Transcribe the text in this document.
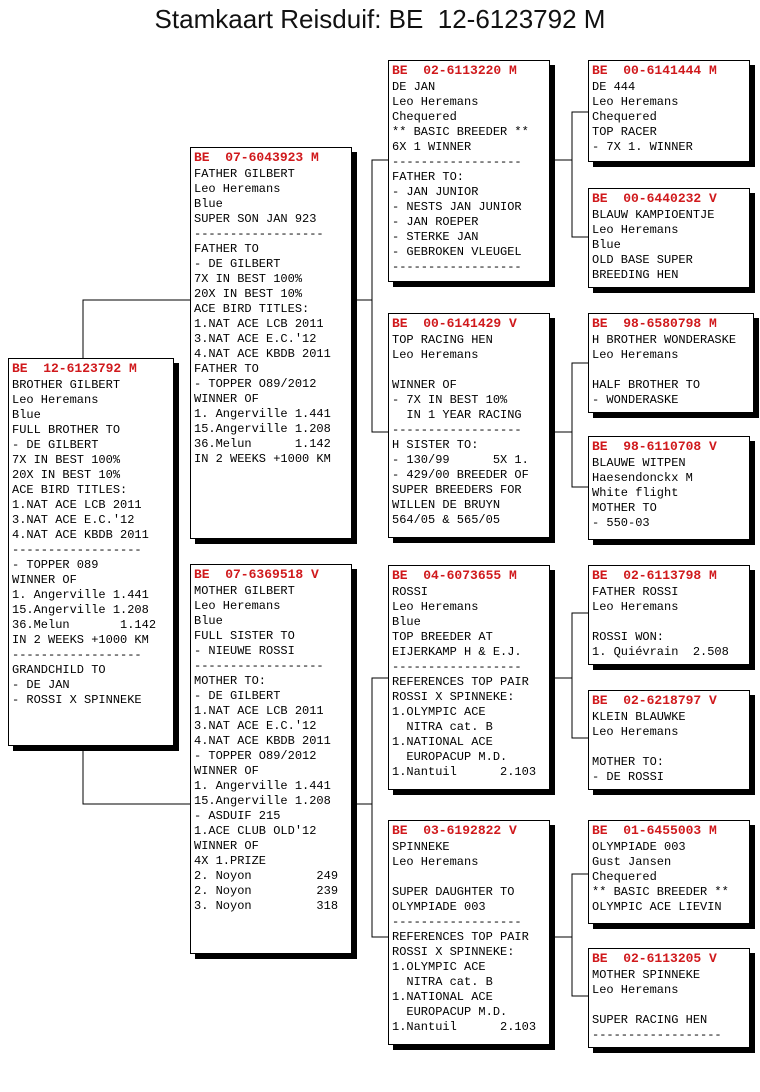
Stamkaart Reisduif: BE  12-6123792 M
BE  12-6123792 M
BROTHER GILBERT
Leo Heremans
Blue
FULL BROTHER TO
- DE GILBERT
7X IN BEST 100%
20X IN BEST 10%
ACE BIRD TITLES:
1.NAT ACE LCB 2011
3.NAT ACE E.C.'12
4.NAT ACE KBDB 2011
------------------
- TOPPER 089
WINNER OF
1. Angerville 1.441
15.Angerville 1.208
36.Melun       1.142
IN 2 WEEKS +1000 KM
------------------
GRANDCHILD TO
- DE JAN
- ROSSI X SPINNEKE
BE  07-6043923 M
FATHER GILBERT
Leo Heremans
Blue
SUPER SON JAN 923
------------------
FATHER TO
- DE GILBERT
7X IN BEST 100%
20X IN BEST 10%
ACE BIRD TITLES:
1.NAT ACE LCB 2011
3.NAT ACE E.C.'12
4.NAT ACE KBDB 2011
FATHER TO
- TOPPER O89/2012
WINNER OF
1. Angerville 1.441
15.Angerville 1.208
36.Melun      1.142
IN 2 WEEKS +1000 KM
BE  07-6369518 V
MOTHER GILBERT
Leo Heremans
Blue
FULL SISTER TO
- NIEUWE ROSSI
------------------
MOTHER TO:
- DE GILBERT
1.NAT ACE LCB 2011
3.NAT ACE E.C.'12
4.NAT ACE KBDB 2011
- TOPPER O89/2012
WINNER OF
1. Angerville 1.441
15.Angerville 1.208
- ASDUIF 215
1.ACE CLUB OLD'12
WINNER OF
4X 1.PRIZE
2. Noyon         249
2. Noyon         239
3. Noyon         318
BE  02-6113220 M
DE JAN
Leo Heremans
Chequered
** BASIC BREEDER **
6X 1 WINNER
------------------
FATHER TO:
- JAN JUNIOR
- NESTS JAN JUNIOR
- JAN ROEPER
- STERKE JAN
- GEBROKEN VLEUGEL
------------------
BE  00-6141429 V
TOP RACING HEN
Leo Heremans
WINNER OF
- 7X IN BEST 10%
IN 1 YEAR RACING
------------------
H SISTER TO:
- 130/99      5X 1.
- 429/00 BREEDER OF
SUPER BREEDERS FOR
WILLEN DE BRUYN
564/05 & 565/05
BE  04-6073655 M
ROSSI
Leo Heremans
Blue
TOP BREEDER AT
EIJERKAMP H & E.J.
------------------
REFERENCES TOP PAIR
ROSSI X SPINNEKE:
1.OLYMPIC ACE
NITRA cat. B
1.NATIONAL ACE
EUROPACUP M.D.
1.Nantuil      2.103
BE  03-6192822 V
SPINNEKE
Leo Heremans
SUPER DAUGHTER TO
OLYMPIADE 003
------------------
REFERENCES TOP PAIR
ROSSI X SPINNEKE:
1.OLYMPIC ACE
NITRA cat. B
1.NATIONAL ACE
EUROPACUP M.D.
1.Nantuil      2.103
BE  00-6141444 M
DE 444
Leo Heremans
Chequered
TOP RACER
- 7X 1. WINNER
BE  00-6440232 V
BLAUW KAMPIOENTJE
Leo Heremans
Blue
OLD BASE SUPER
BREEDING HEN
BE  98-6580798 M
H BROTHER WONDERASKE
Leo Heremans
HALF BROTHER TO
- WONDERASKE
BE  98-6110708 V
BLAUWE WITPEN
Haesendonckx M
White flight
MOTHER TO
- 550-03
BE  02-6113798 M
FATHER ROSSI
Leo Heremans
ROSSI WON:
1. Quiévrain  2.508
BE  02-6218797 V
KLEIN BLAUWKE
Leo Heremans
MOTHER TO:
- DE ROSSI
BE  01-6455003 M
OLYMPIADE 003
Gust Jansen
Chequered
** BASIC BREEDER **
OLYMPIC ACE LIEVIN
BE  02-6113205 V
MOTHER SPINNEKE
Leo Heremans
SUPER RACING HEN
------------------
